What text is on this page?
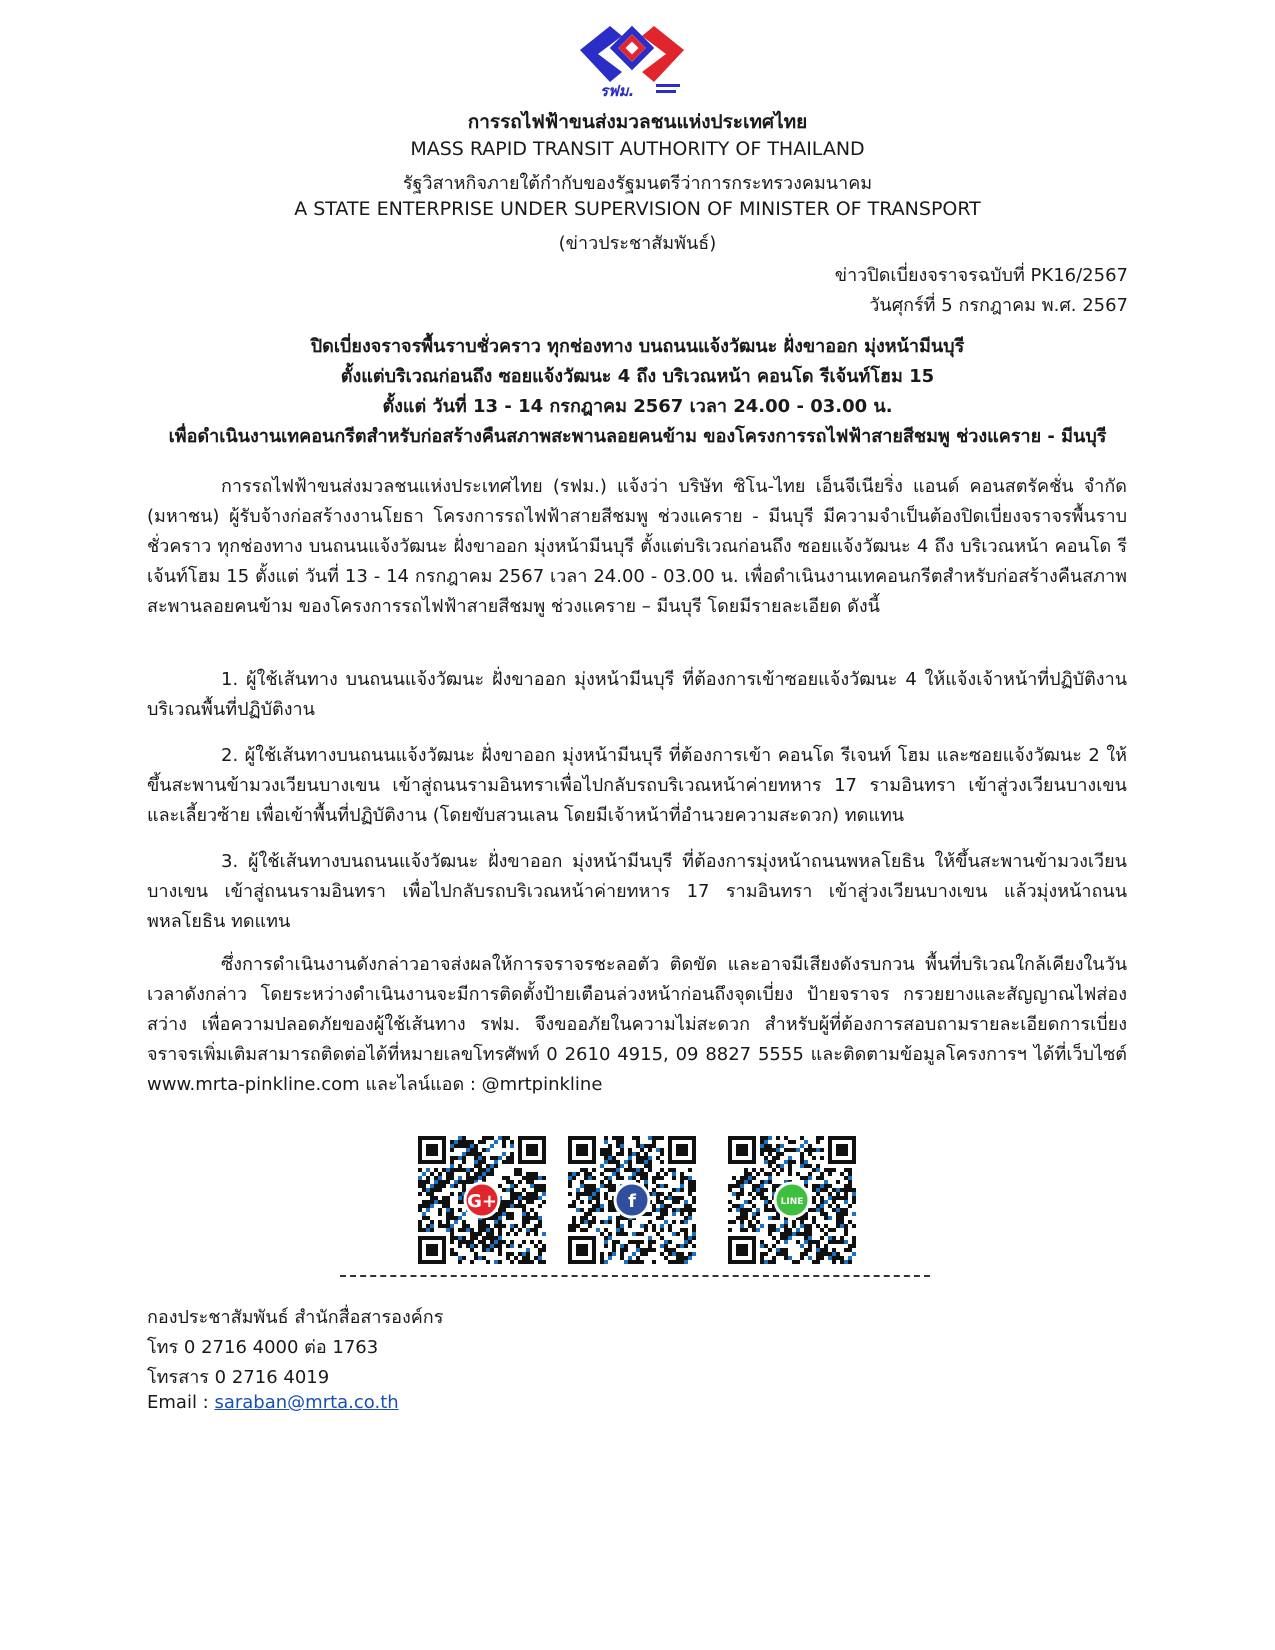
รฟม.
การรถไฟฟ้าขนส่งมวลชนแห่งประเทศไทย
MASS RAPID TRANSIT AUTHORITY OF THAILAND
รัฐวิสาหกิจภายใต้กำกับของรัฐมนตรีว่าการกระทรวงคมนาคม
A STATE ENTERPRISE UNDER SUPERVISION OF MINISTER OF TRANSPORT
(ข่าวประชาสัมพันธ์)
ข่าวปิดเบี่ยงจราจรฉบับที่ PK16/2567
วันศุกร์ที่ 5 กรกฎาคม พ.ศ. 2567
ปิดเบี่ยงจราจรพื้นราบชั่วคราว ทุกช่องทาง บนถนนแจ้งวัฒนะ ฝั่งขาออก มุ่งหน้ามีนบุรี
ตั้งแต่บริเวณก่อนถึง ซอยแจ้งวัฒนะ 4 ถึง บริเวณหน้า คอนโด รีเจ้นท์โฮม 15
ตั้งแต่ วันที่ 13 - 14 กรกฎาคม 2567 เวลา 24.00 - 03.00 น.
เพื่อดำเนินงานเทคอนกรีตสำหรับก่อสร้างคืนสภาพสะพานลอยคนข้าม ของโครงการรถไฟฟ้าสายสีชมพู ช่วงแคราย - มีนบุรี
การรถไฟฟ้าขนส่งมวลชนแห่งประเทศไทย (รฟม.) แจ้งว่า บริษัท ซิโน-ไทย เอ็นจีเนียริ่ง แอนด์ คอนสตรัคชั่น จำกัด (มหาชน) ผู้รับจ้างก่อสร้างงานโยธา โครงการรถไฟฟ้าสายสีชมพู ช่วงแคราย - มีนบุรี มีความจำเป็นต้องปิดเบี่ยงจราจรพื้นราบชั่วคราว ทุกช่องทาง บนถนนแจ้งวัฒนะ ฝั่งขาออก มุ่งหน้ามีนบุรี ตั้งแต่บริเวณก่อนถึง ซอยแจ้งวัฒนะ 4 ถึง บริเวณหน้า คอนโด รีเจ้นท์โฮม 15 ตั้งแต่ วันที่ 13 - 14 กรกฎาคม 2567 เวลา 24.00 - 03.00 น. เพื่อดำเนินงานเทคอนกรีตสำหรับก่อสร้างคืนสภาพสะพานลอยคนข้าม ของโครงการรถไฟฟ้าสายสีชมพู ช่วงแคราย – มีนบุรี โดยมีรายละเอียด ดังนี้
1. ผู้ใช้เส้นทาง บนถนนแจ้งวัฒนะ ฝั่งขาออก มุ่งหน้ามีนบุรี ที่ต้องการเข้าซอยแจ้งวัฒนะ 4 ให้แจ้งเจ้าหน้าที่ปฏิบัติงานบริเวณพื้นที่ปฏิบัติงาน
2. ผู้ใช้เส้นทางบนถนนแจ้งวัฒนะ ฝั่งขาออก มุ่งหน้ามีนบุรี ที่ต้องการเข้า คอนโด รีเจนท์ โฮม และซอยแจ้งวัฒนะ 2 ให้ขึ้นสะพานข้ามวงเวียนบางเขน เข้าสู่ถนนรามอินทราเพื่อไปกลับรถบริเวณหน้าค่ายทหาร 17 รามอินทรา เข้าสู่วงเวียนบางเขน และเลี้ยวซ้าย เพื่อเข้าพื้นที่ปฏิบัติงาน (โดยขับสวนเลน โดยมีเจ้าหน้าที่อำนวยความสะดวก) ทดแทน
3. ผู้ใช้เส้นทางบนถนนแจ้งวัฒนะ ฝั่งขาออก มุ่งหน้ามีนบุรี ที่ต้องการมุ่งหน้าถนนพหลโยธิน ให้ขึ้นสะพานข้ามวงเวียนบางเขน เข้าสู่ถนนรามอินทรา เพื่อไปกลับรถบริเวณหน้าค่ายทหาร 17 รามอินทรา เข้าสู่วงเวียนบางเขน แล้วมุ่งหน้าถนนพหลโยธิน ทดแทน
ซึ่งการดำเนินงานดังกล่าวอาจส่งผลให้การจราจรชะลอตัว ติดขัด และอาจมีเสียงดังรบกวน พื้นที่บริเวณใกล้เคียงในวันเวลาดังกล่าว โดยระหว่างดำเนินงานจะมีการติดตั้งป้ายเตือนล่วงหน้าก่อนถึงจุดเบี่ยง ป้ายจราจร กรวยยางและสัญญาณไฟส่องสว่าง เพื่อความปลอดภัยของผู้ใช้เส้นทาง รฟม. จึงขออภัยในความไม่สะดวก สำหรับผู้ที่ต้องการสอบถามรายละเอียดการเบี่ยงจราจรเพิ่มเติมสามารถติดต่อได้ที่หมายเลขโทรศัพท์ 0 2610 4915, 09 8827 5555 และติดตามข้อมูลโครงการฯ ได้ที่เว็บไซต์ www.mrta-pinkline.com และไลน์แอด : @mrtpinkline
G+	f	LINE
กองประชาสัมพันธ์ สำนักสื่อสารองค์กร
โทร 0 2716 4000 ต่อ 1763
โทรสาร 0 2716 4019
Email : saraban@mrta.co.th
